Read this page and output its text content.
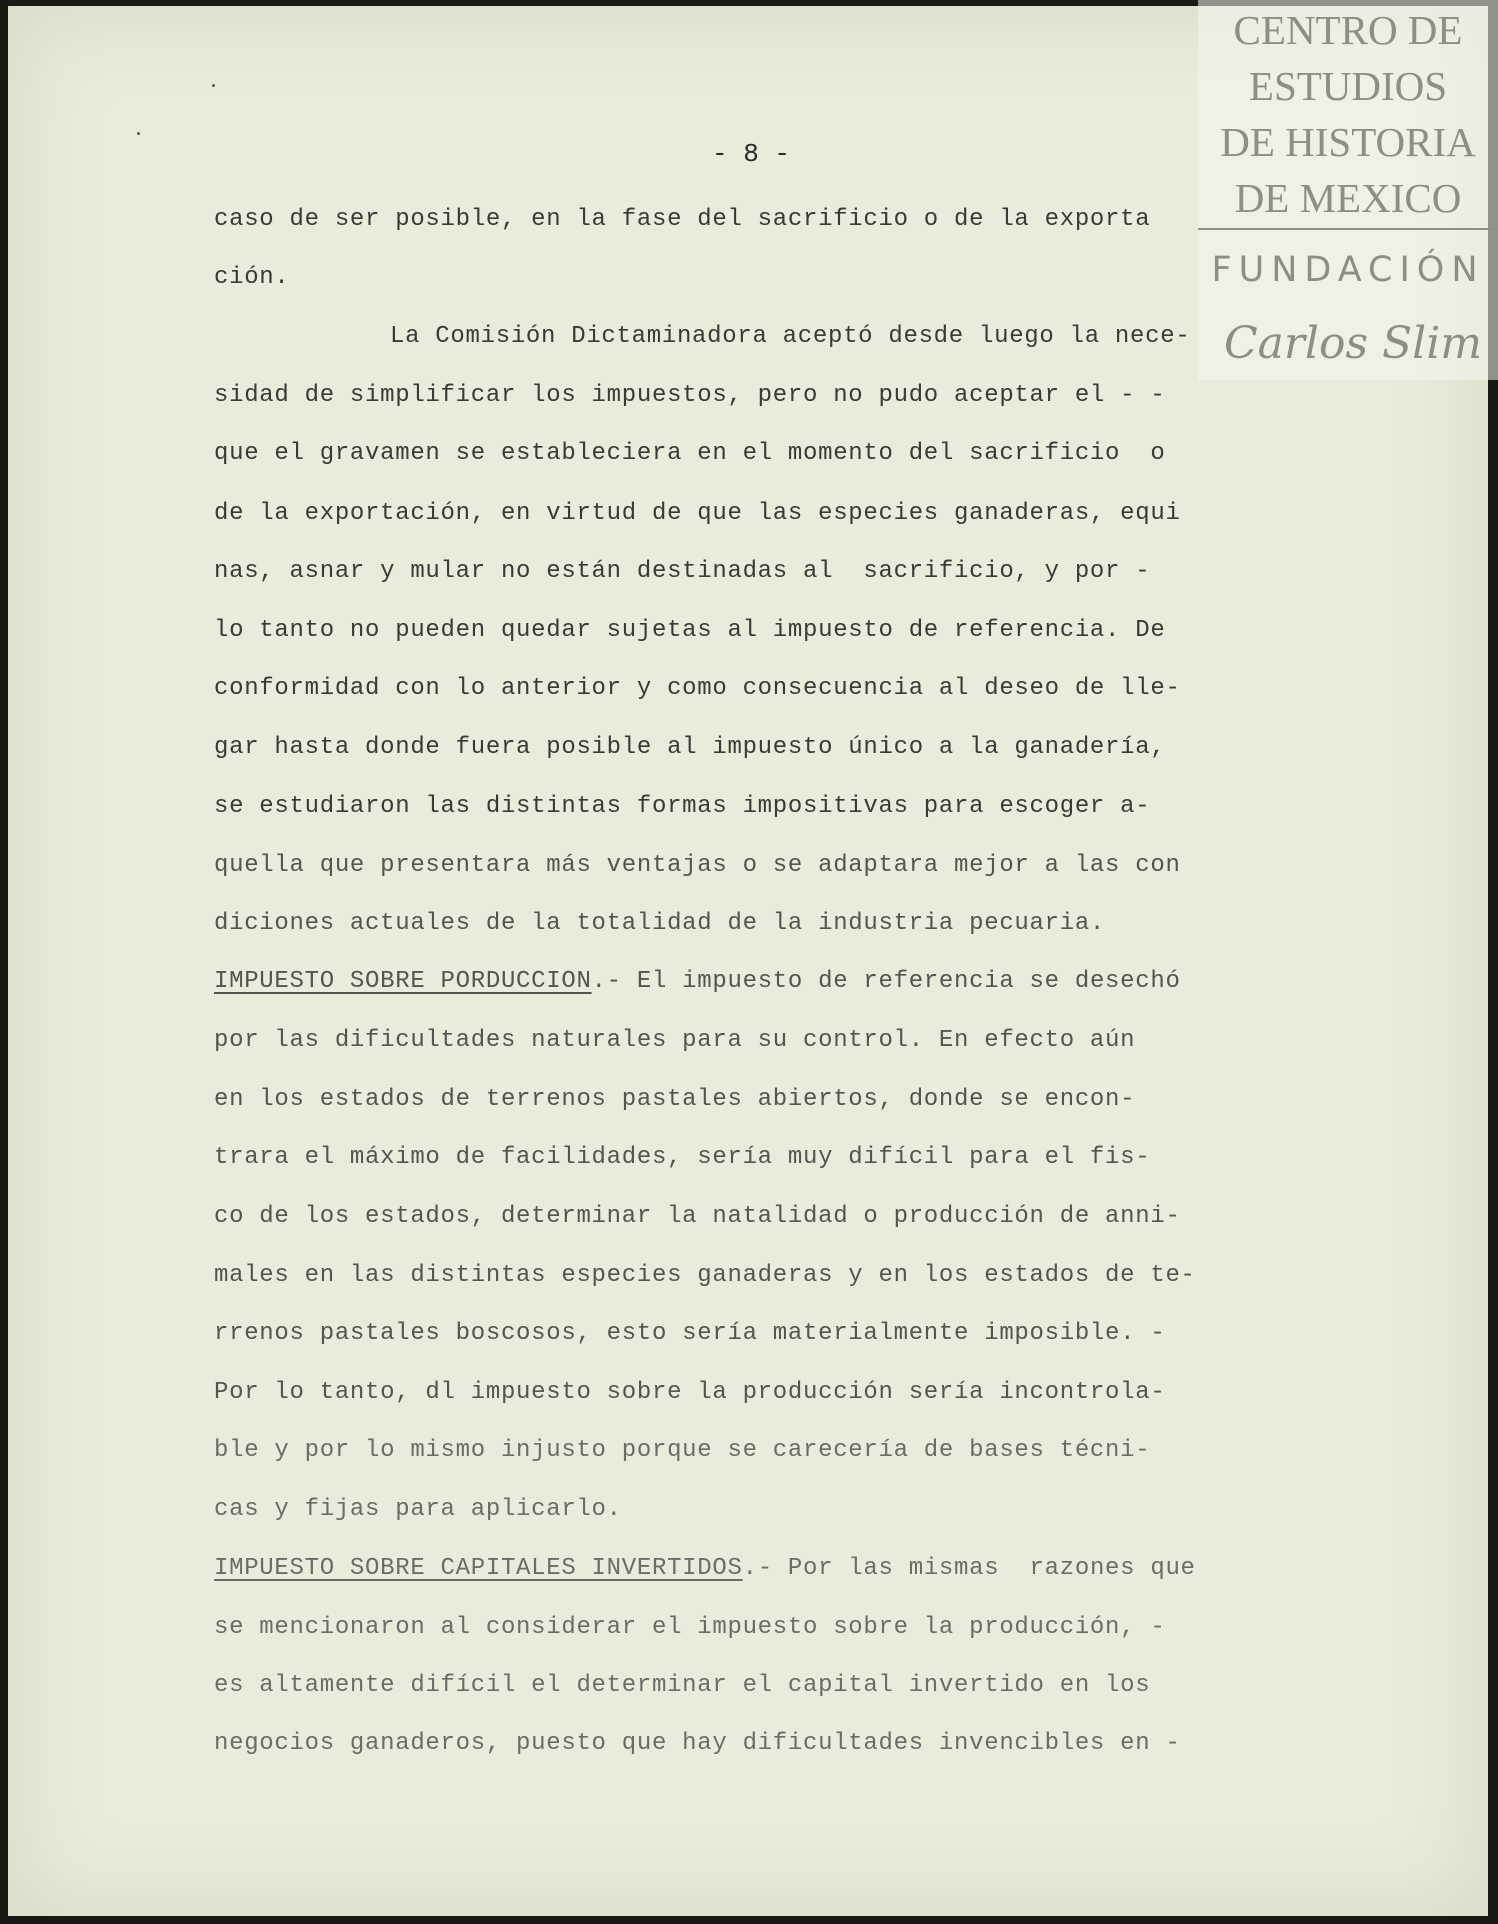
CENTRO DE
ESTUDIOS
DE HISTORIA
DE MEXICO
FUNDACIÓN
Carlos Slim
- 8 -
caso de ser posible, en la fase del sacrificio o de la exporta
ción.
La Comisión Dictaminadora aceptó desde luego la nece-
sidad de simplificar los impuestos, pero no pudo aceptar el - -
que el gravamen se estableciera en el momento del sacrificio  o
de la exportación, en virtud de que las especies ganaderas, equi
nas, asnar y mular no están destinadas al  sacrificio, y por -
lo tanto no pueden quedar sujetas al impuesto de referencia. De
conformidad con lo anterior y como consecuencia al deseo de lle-
gar hasta donde fuera posible al impuesto único a la ganadería,
se estudiaron las distintas formas impositivas para escoger a-
quella que presentara más ventajas o se adaptara mejor a las con
diciones actuales de la totalidad de la industria pecuaria.
IMPUESTO SOBRE PORDUCCION.- El impuesto de referencia se desechó
por las dificultades naturales para su control. En efecto aún
en los estados de terrenos pastales abiertos, donde se encon-
trara el máximo de facilidades, sería muy difícil para el fis-
co de los estados, determinar la natalidad o producción de anni-
males en las distintas especies ganaderas y en los estados de te-
rrenos pastales boscosos, esto sería materialmente imposible. -
Por lo tanto, dl impuesto sobre la producción sería incontrola-
ble y por lo mismo injusto porque se carecería de bases técni-
cas y fijas para aplicarlo.
IMPUESTO SOBRE CAPITALES INVERTIDOS.- Por las mismas  razones que
se mencionaron al considerar el impuesto sobre la producción, -
es altamente difícil el determinar el capital invertido en los
negocios ganaderos, puesto que hay dificultades invencibles en -
